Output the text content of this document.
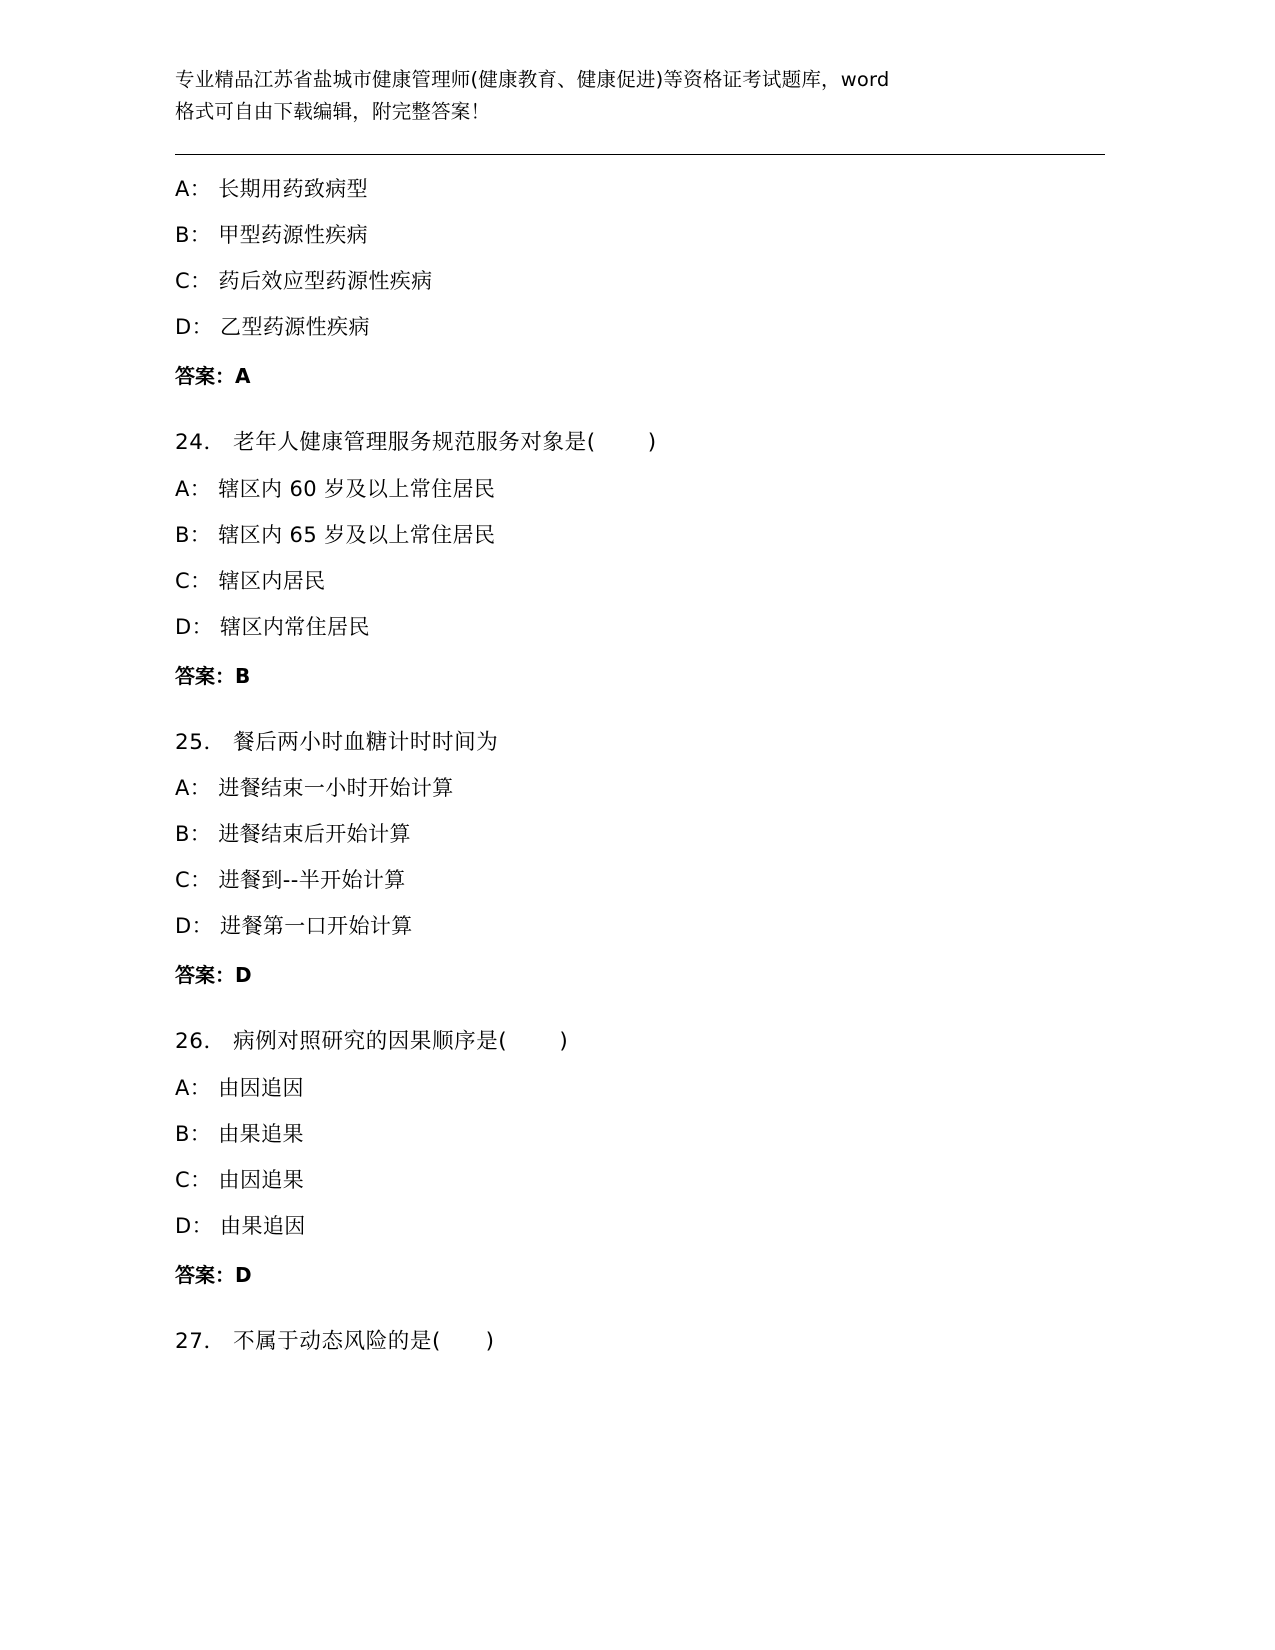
专业精品江苏省盐城市健康管理师(健康教育、健康促进)等资格证考试题库，word
格式可自由下载编辑，附完整答案！
A： 长期用药致病型
B： 甲型药源性疾病
C： 药后效应型药源性疾病
D： 乙型药源性疾病
答案：A
24． 老年人健康管理服务规范服务对象是(       )
A： 辖区内 60 岁及以上常住居民
B： 辖区内 65 岁及以上常住居民
C： 辖区内居民
D： 辖区内常住居民
答案：B
25． 餐后两小时血糖计时时间为
A： 进餐结束一小时开始计算
B： 进餐结束后开始计算
C： 进餐到--半开始计算
D： 进餐第一口开始计算
答案：D
26． 病例对照研究的因果顺序是(       )
A： 由因追因
B： 由果追果
C： 由因追果
D： 由果追因
答案：D
27． 不属于动态风险的是(      )
